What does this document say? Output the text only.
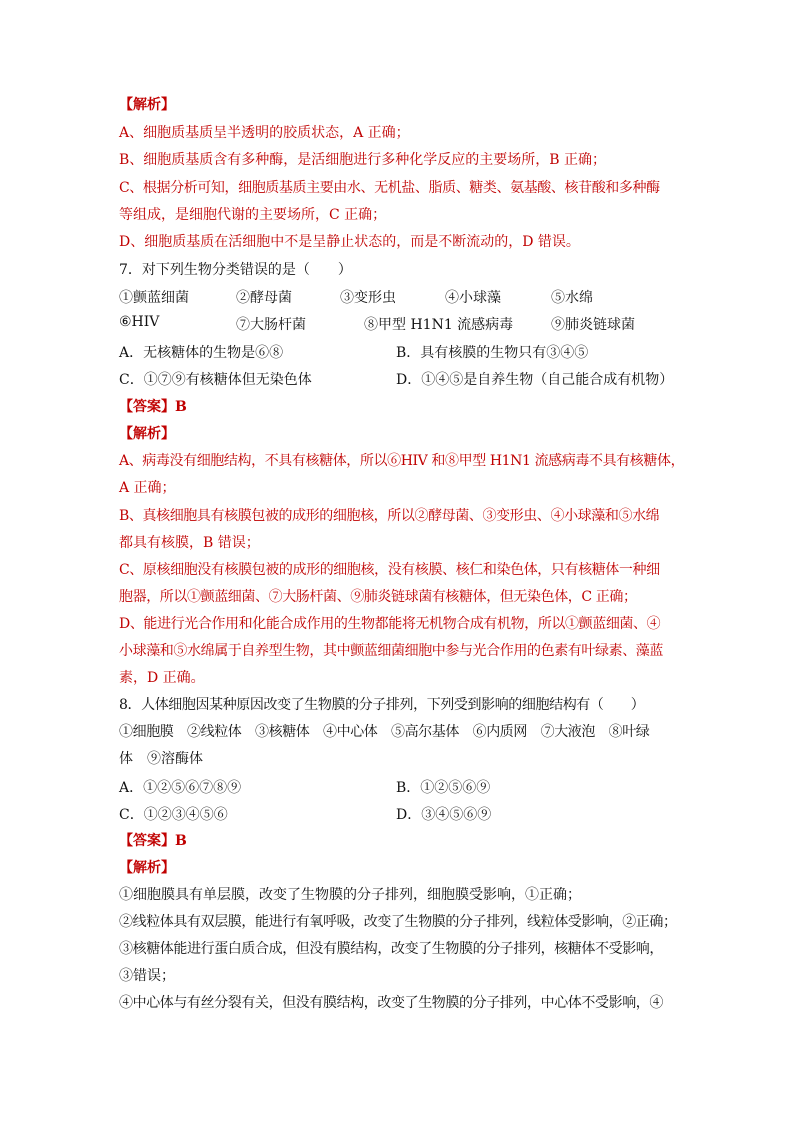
【解析】
A、细胞质基质呈半透明的胶质状态，A 正确；
B、细胞质基质含有多种酶，是活细胞进行多种化学反应的主要场所，B 正确；
C、根据分析可知，细胞质基质主要由水、无机盐、脂质、糖类、氨基酸、核苷酸和多种酶
等组成，是细胞代谢的主要场所，C 正确；
D、细胞质基质在活细胞中不是呈静止状态的，而是不断流动的，D 错误。
7．对下列生物分类错误的是（　　）
①颤蓝细菌	②酵母菌	③变形虫	④小球藻	⑤水绵
⑥HIV	⑦大肠杆菌	⑧甲型 H1N1 流感病毒	⑨肺炎链球菌
A．无核糖体的生物是⑥⑧	B．具有核膜的生物只有③④⑤
C．①⑦⑨有核糖体但无染色体	D．①④⑤是自养生物（自己能合成有机物）
【答案】B
【解析】
A、病毒没有细胞结构，不具有核糖体，所以⑥HIV 和⑧甲型 H1N1 流感病毒不具有核糖体，
A 正确；
B、真核细胞具有核膜包被的成形的细胞核，所以②酵母菌、③变形虫、④小球藻和⑤水绵
都具有核膜，B 错误；
C、原核细胞没有核膜包被的成形的细胞核，没有核膜、核仁和染色体，只有核糖体一种细
胞器，所以①颤蓝细菌、⑦大肠杆菌、⑨肺炎链球菌有核糖体，但无染色体，C 正确；
D、能进行光合作用和化能合成作用的生物都能将无机物合成有机物，所以①颤蓝细菌、④
小球藻和⑤水绵属于自养型生物，其中颤蓝细菌细胞中参与光合作用的色素有叶绿素、藻蓝
素，D 正确。
8．人体细胞因某种原因改变了生物膜的分子排列，下列受到影响的细胞结构有（　　）
①细胞膜　②线粒体　③核糖体　④中心体　⑤高尔基体　⑥内质网　⑦大液泡　⑧叶绿
体　⑨溶酶体
A．①②⑤⑥⑦⑧⑨	B．①②⑤⑥⑨
C．①②③④⑤⑥	D．③④⑤⑥⑨
【答案】B
【解析】
①细胞膜具有单层膜，改变了生物膜的分子排列，细胞膜受影响，①正确；
②线粒体具有双层膜，能进行有氧呼吸，改变了生物膜的分子排列，线粒体受影响，②正确；
③核糖体能进行蛋白质合成，但没有膜结构，改变了生物膜的分子排列，核糖体不受影响，
③错误；
④中心体与有丝分裂有关，但没有膜结构，改变了生物膜的分子排列，中心体不受影响，④
